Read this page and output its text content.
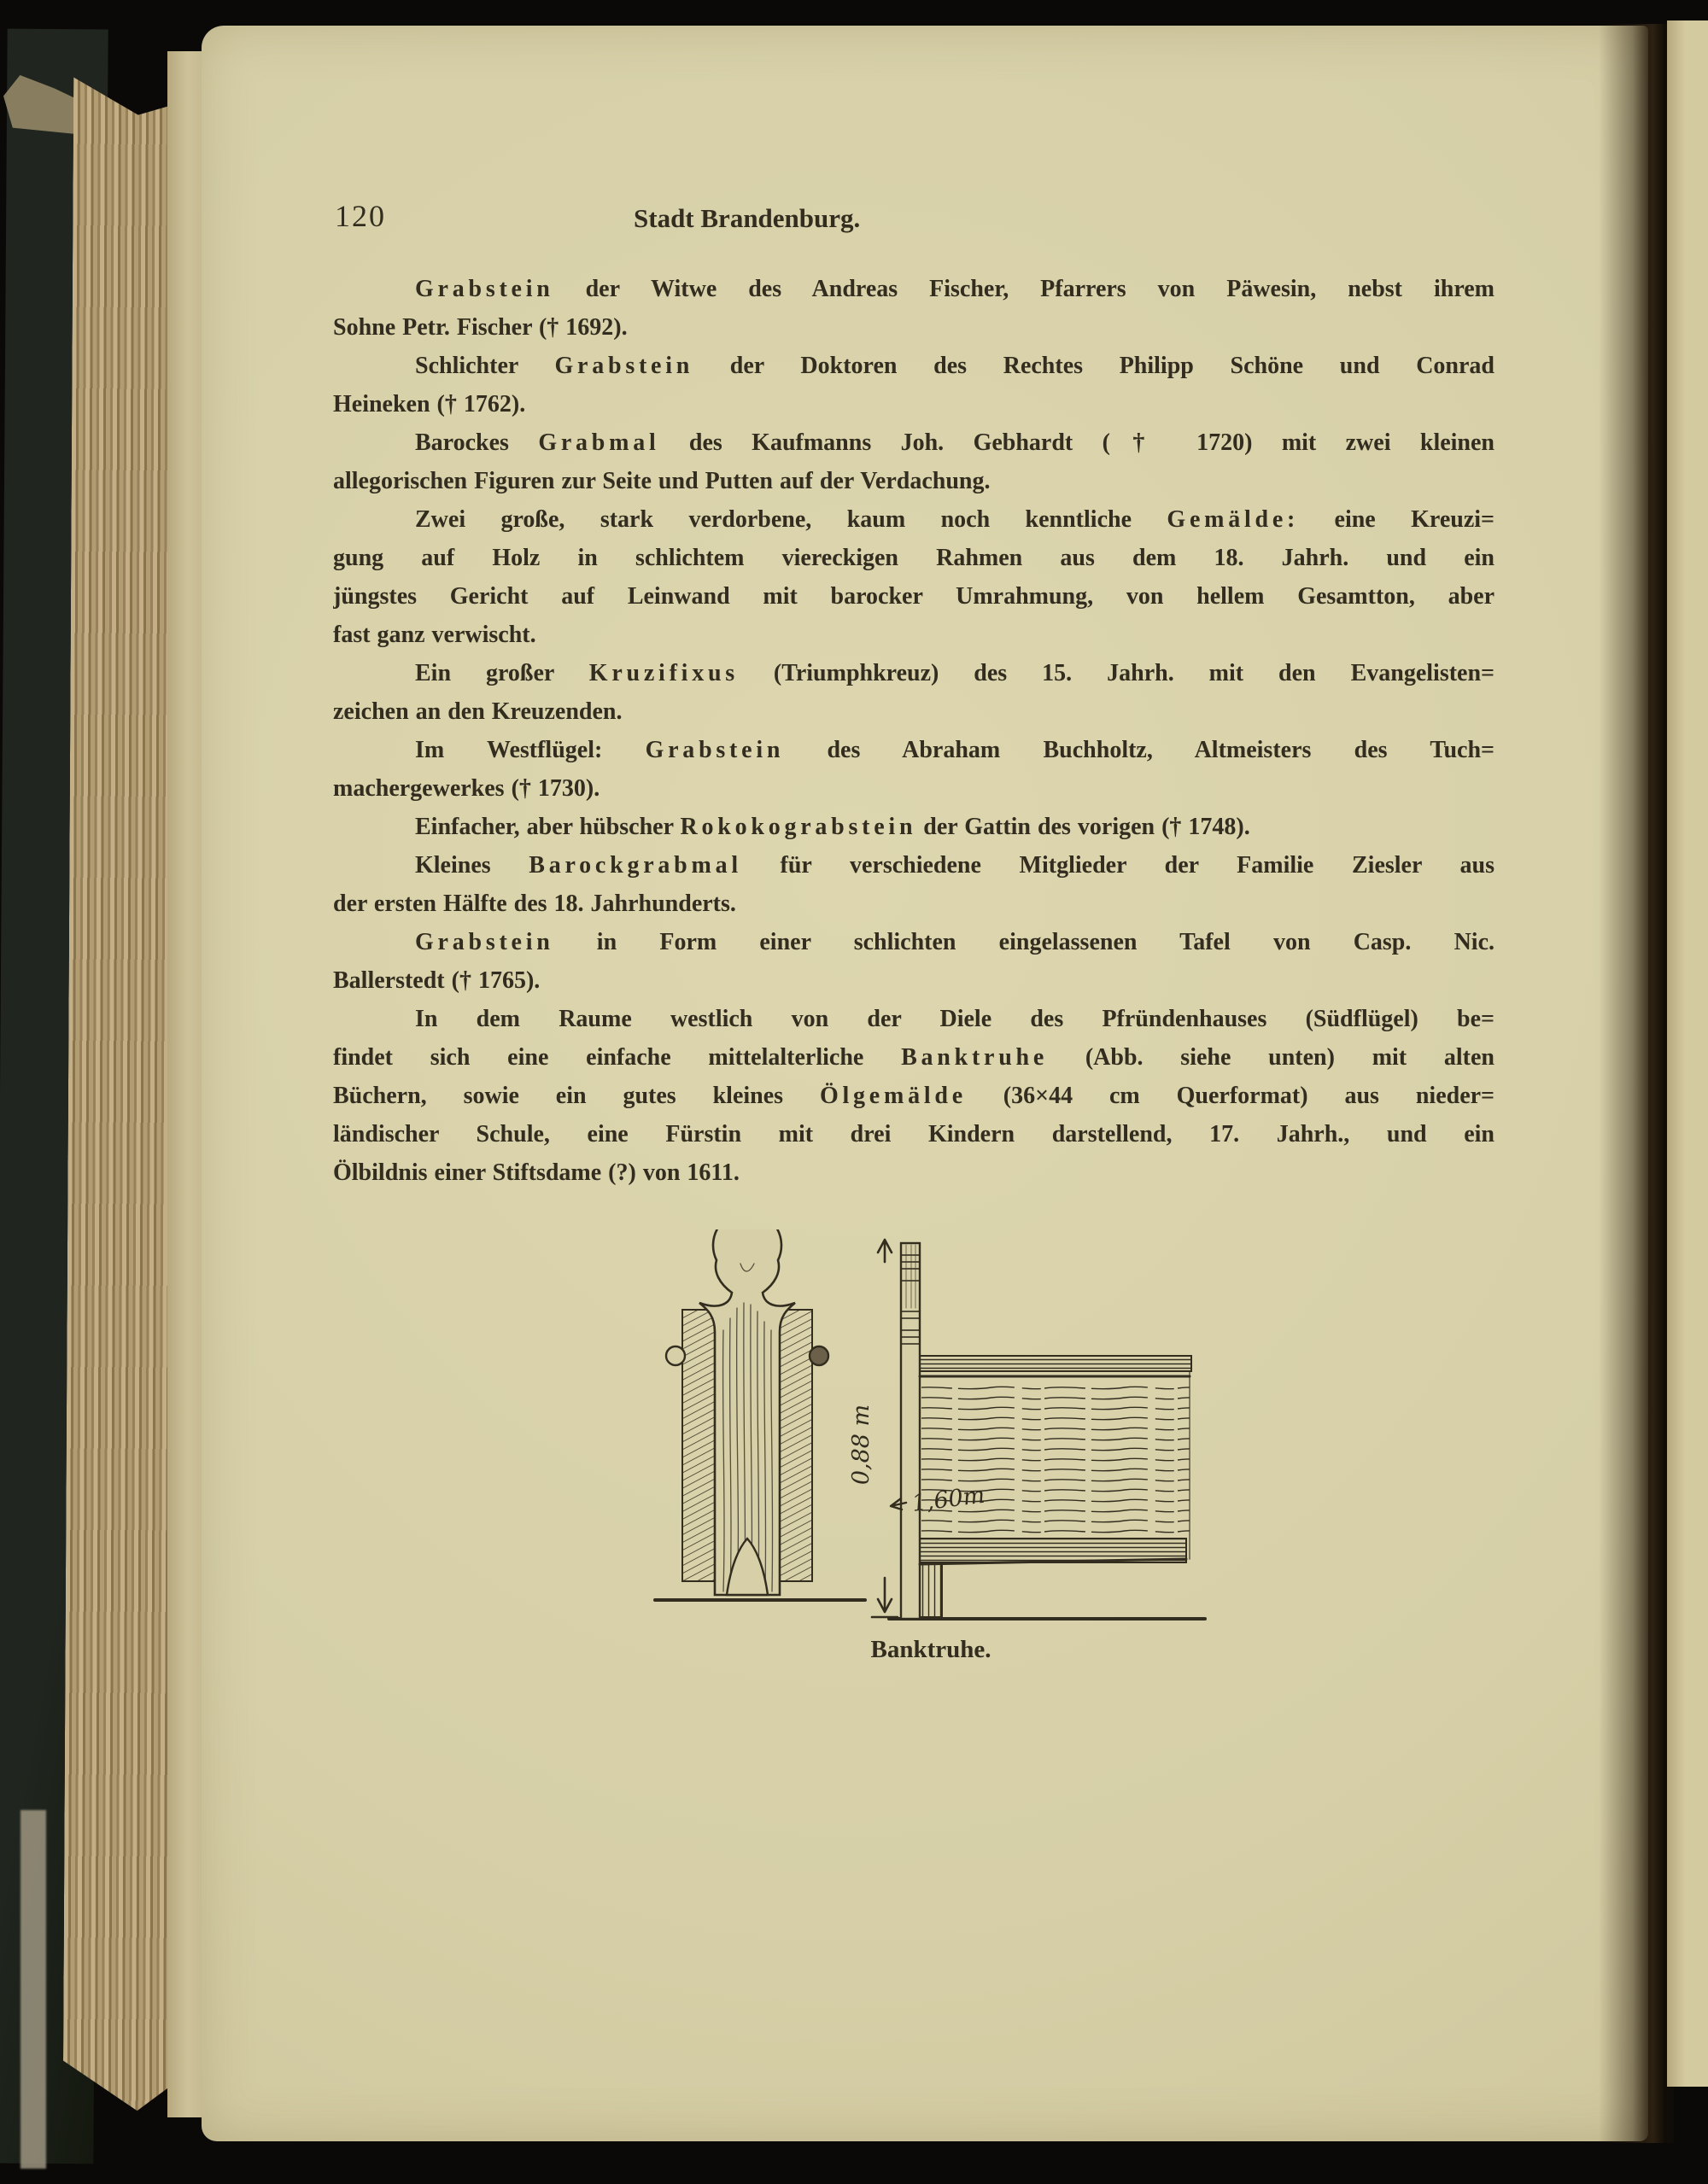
120	Stadt Brandenburg.
Grabstein der Witwe des Andreas Fischer, Pfarrers von Päwesin, nebst ihrem
Sohne Petr. Fischer († 1692).
Schlichter Grabstein der Doktoren des Rechtes Philipp Schöne und Conrad
Heineken († 1762).
Barockes Grabmal des Kaufmanns Joh. Gebhardt († 1720) mit zwei kleinen
allegorischen Figuren zur Seite und Putten auf der Verdachung.
Zwei große, stark verdorbene, kaum noch kenntliche Gemälde: eine Kreuzi=
gung auf Holz in schlichtem viereckigen Rahmen aus dem 18. Jahrh. und ein
jüngstes Gericht auf Leinwand mit barocker Umrahmung, von hellem Gesamtton, aber
fast ganz verwischt.
Ein großer Kruzifixus (Triumphkreuz) des 15. Jahrh. mit den Evangelisten=
zeichen an den Kreuzenden.
Im Westflügel: Grabstein des Abraham Buchholtz, Altmeisters des Tuch=
machergewerkes († 1730).
Einfacher, aber hübscher Rokokograbstein der Gattin des vorigen († 1748).
Kleines Barockgrabmal für verschiedene Mitglieder der Familie Ziesler aus
der ersten Hälfte des 18. Jahrhunderts.
Grabstein in Form einer schlichten eingelassenen Tafel von Casp. Nic.
Ballerstedt († 1765).
In dem Raume westlich von der Diele des Pfründenhauses (Südflügel) be=
findet sich eine einfache mittelalterliche Banktruhe (Abb. siehe unten) mit alten
Büchern, sowie ein gutes kleines Ölgemälde (36×44 cm Querformat) aus nieder=
ländischer Schule, eine Fürstin mit drei Kindern darstellend, 17. Jahrh., und ein
Ölbildnis einer Stiftsdame (?) von 1611.
0,88 m
1,60m
Banktruhe.
